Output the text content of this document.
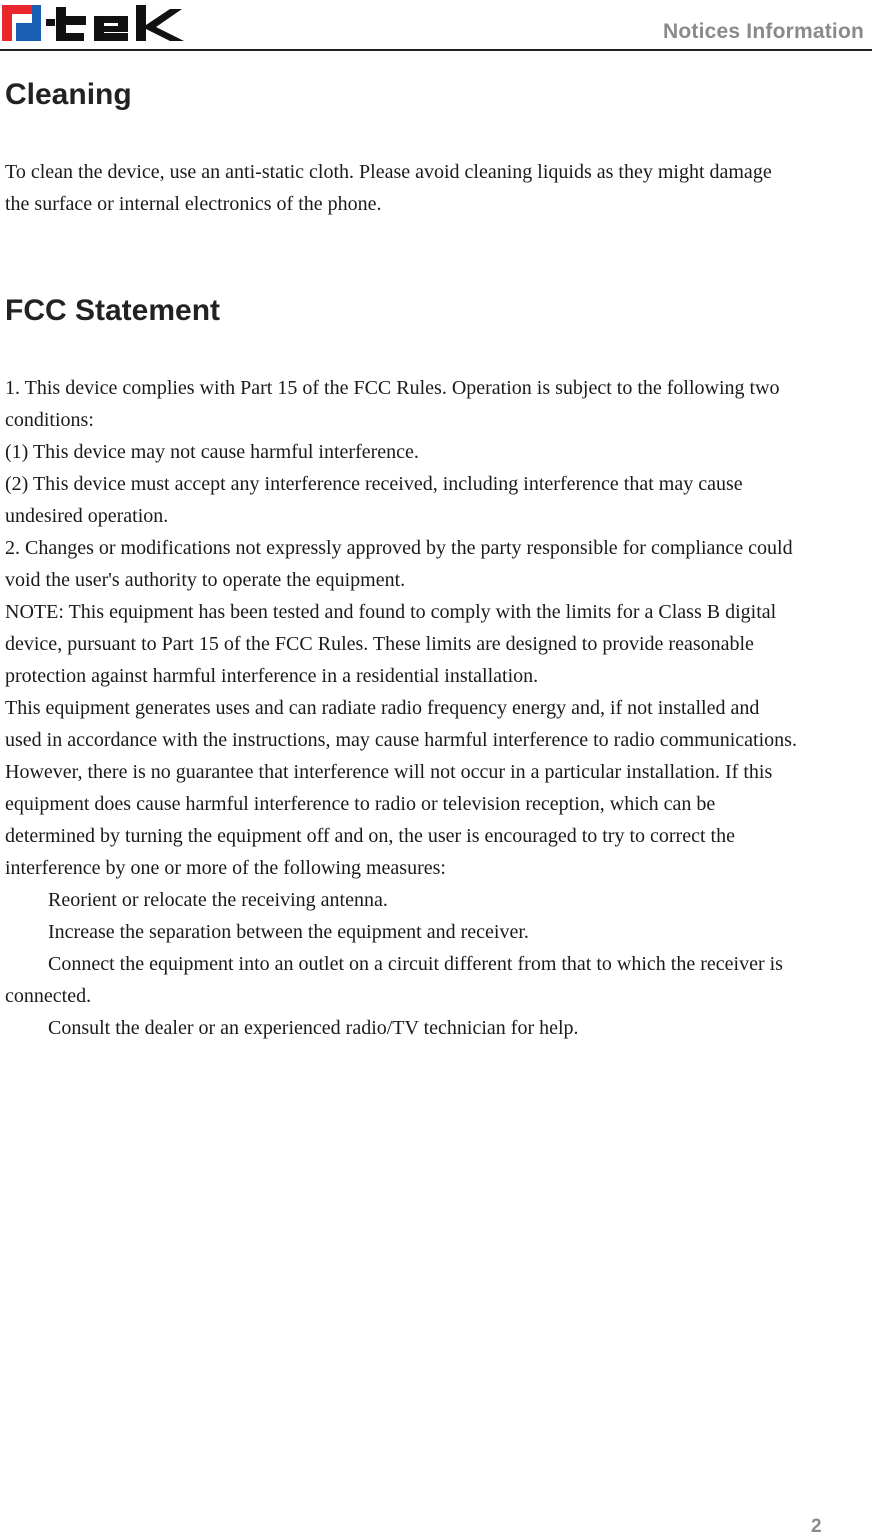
Notices Information
Cleaning
To clean the device, use an anti-static cloth. Please avoid cleaning liquids as they might damage
the surface or internal electronics of the phone.
FCC Statement
1. This device complies with Part 15 of the FCC Rules. Operation is subject to the following two
conditions:
(1) This device may not cause harmful interference.
(2) This device must accept any interference received, including interference that may cause
undesired operation.
2. Changes or modifications not expressly approved by the party responsible for compliance could
void the user's authority to operate the equipment.
NOTE: This equipment has been tested and found to comply with the limits for a Class B digital
device, pursuant to Part 15 of the FCC Rules. These limits are designed to provide reasonable
protection against harmful interference in a residential installation.
This equipment generates uses and can radiate radio frequency energy and, if not installed and
used in accordance with the instructions, may cause harmful interference to radio communications.
However, there is no guarantee that interference will not occur in a particular installation. If this
equipment does cause harmful interference to radio or television reception, which can be
determined by turning the equipment off and on, the user is encouraged to try to correct the
interference by one or more of the following measures:
Reorient or relocate the receiving antenna.
Increase the separation between the equipment and receiver.
Connect the equipment into an outlet on a circuit different from that to which the receiver is
connected.
Consult the dealer or an experienced radio/TV technician for help.
2
